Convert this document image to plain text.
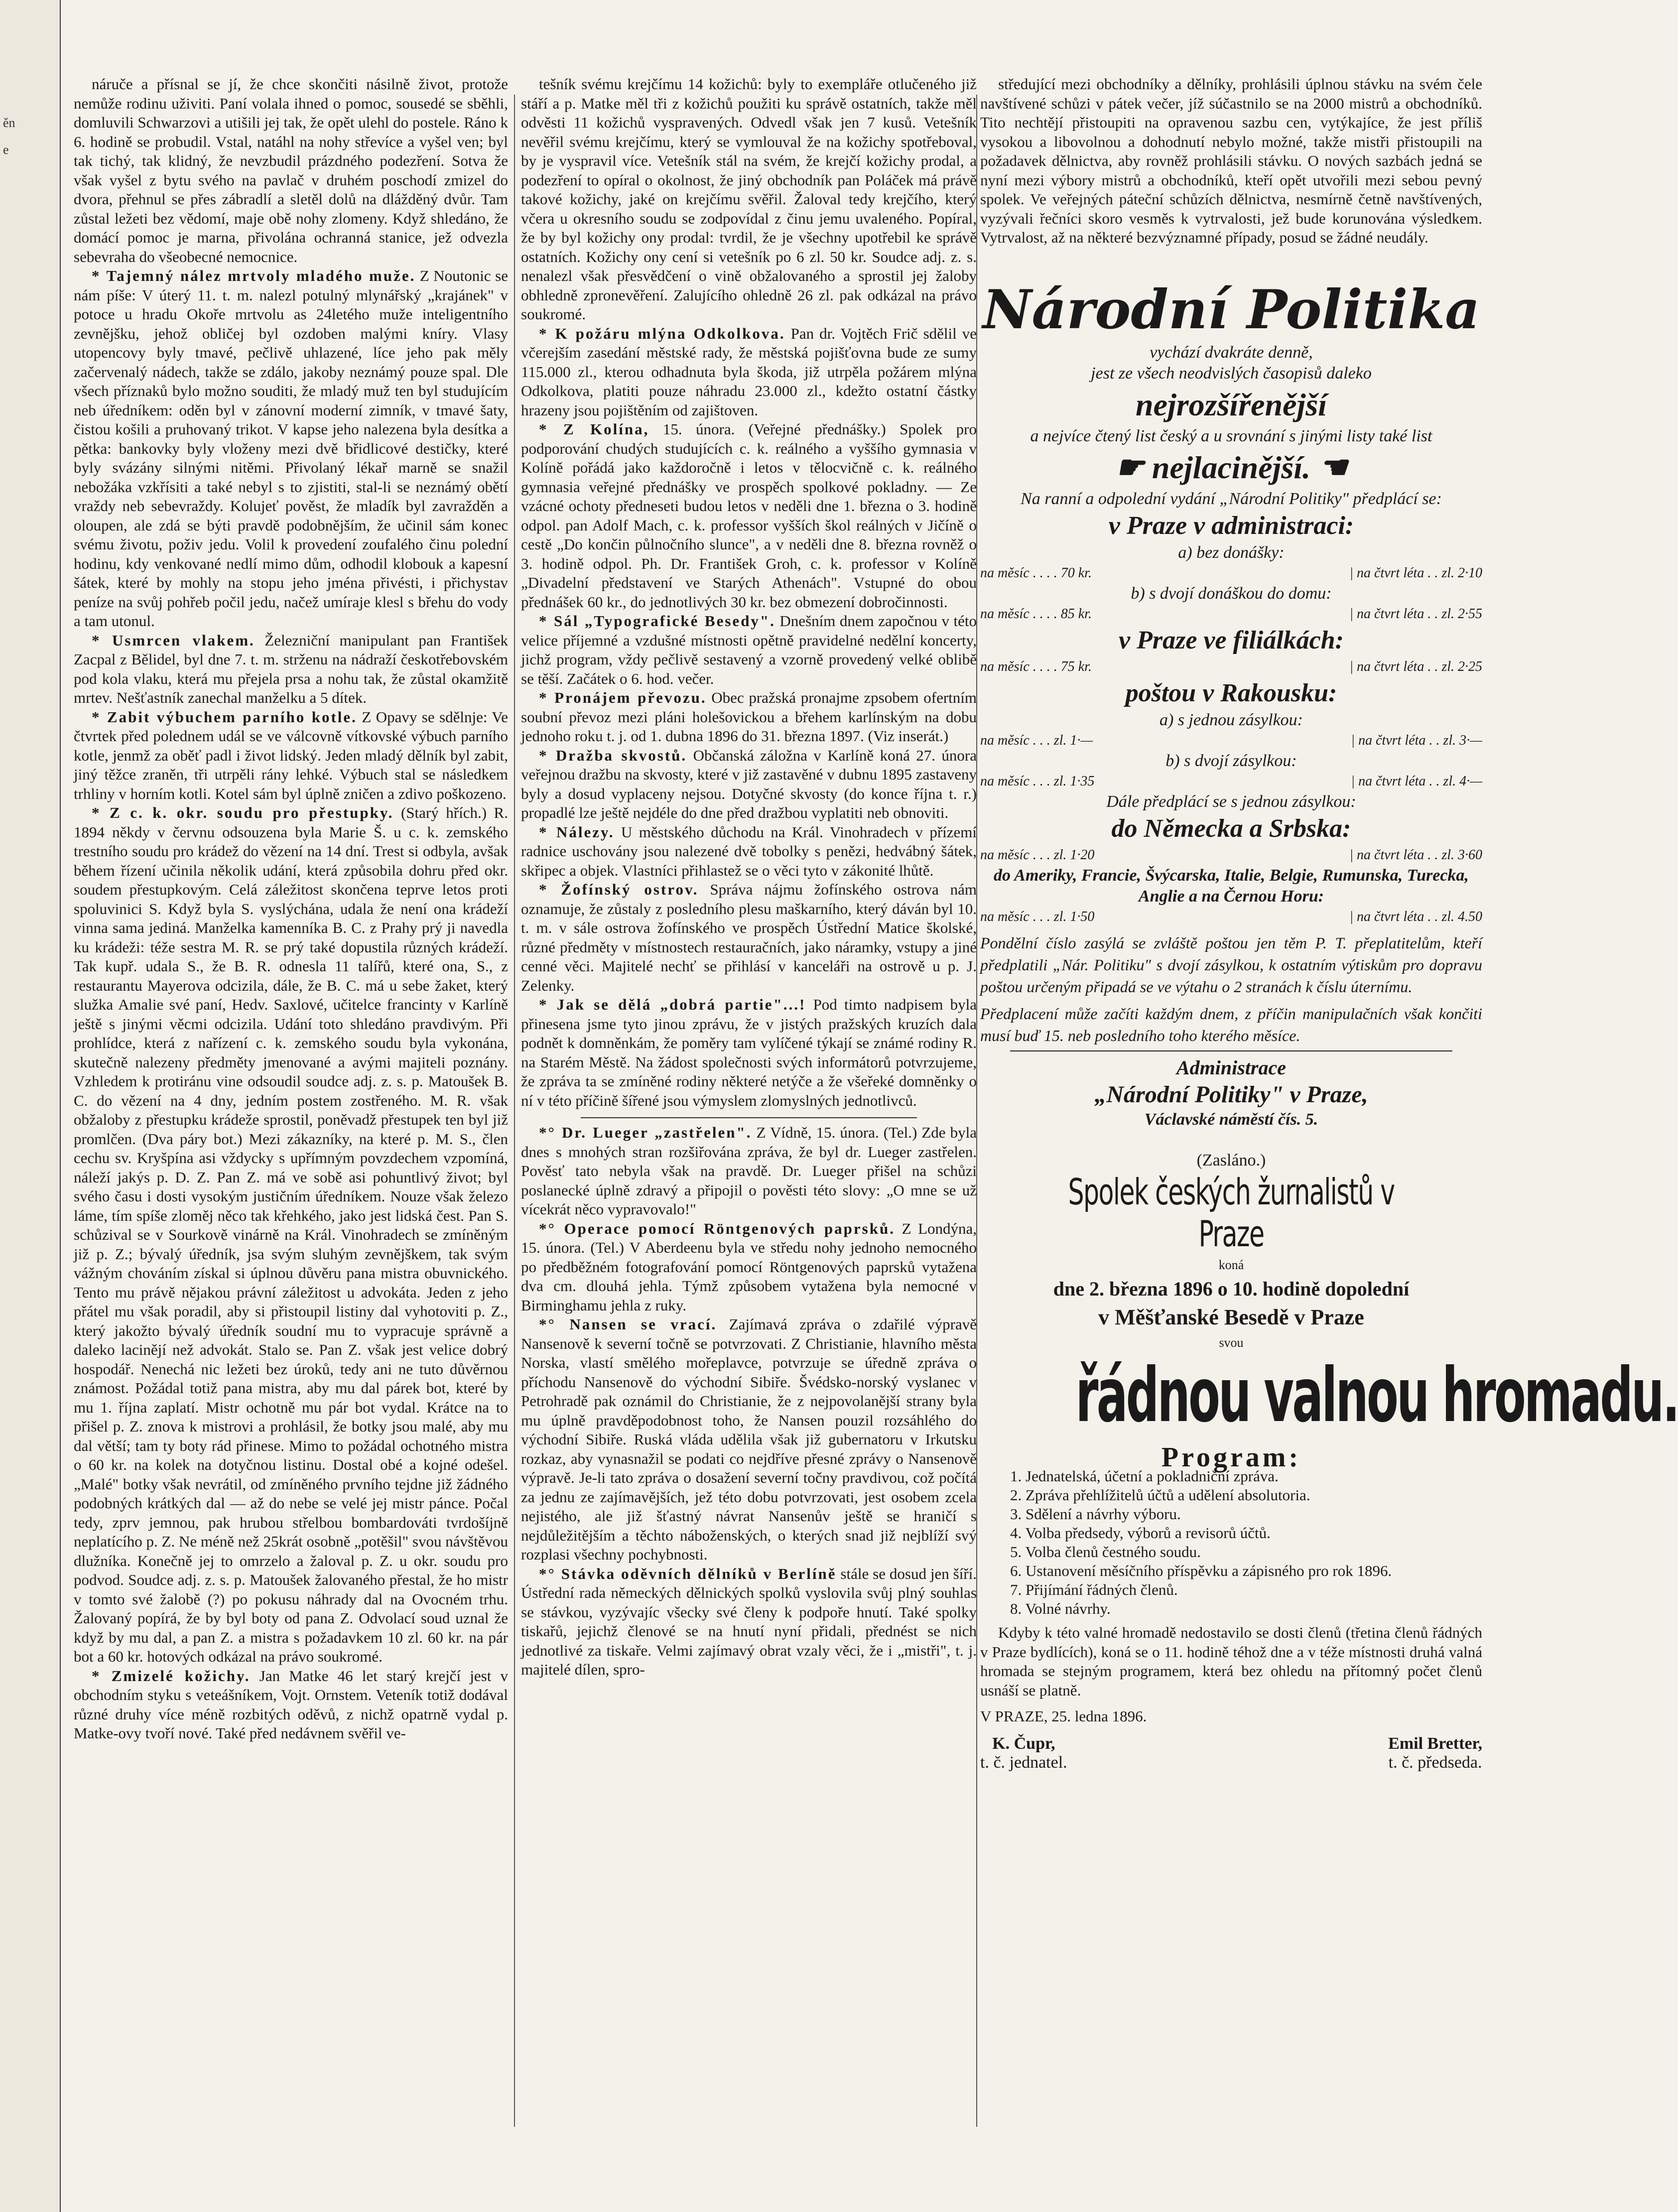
ěn
e

náruče a přísnal se jí, že chce skončiti násilně život, protože nemůže rodinu uživiti. Paní volala ihned o pomoc, sousedé se sběhli, domluvili Schwarzovi a utišili jej tak, že opět ulehl do postele. Ráno k 6. hodině se probudil. Vstal, natáhl na nohy střevíce a vyšel ven; byl tak tichý, tak klidný, že nevzbudil prázdného podezření. Sotva že však vyšel z bytu svého na pavlač v druhém poschodí zmizel do dvora, přehnul se přes zábradlí a sletěl dolů na dlážděný dvůr. Tam zůstal ležeti bez vědomí, maje obě nohy zlomeny. Když shledáno, že domácí pomoc je marna, přivolána ochranná stanice, jež odvezla sebevraha do všeobecné nemocnice.

* Tajemný nález mrtvoly mladého muže. Z Noutonic se nám píše: V úterý 11. t. m. nalezl potulný mlynářský „krajánek" v potoce u hradu Okoře mrtvolu as 24letého muže inteligentního zevnějšku, jehož obličej byl ozdoben malými kníry. Vlasy utopencovy byly tmavé, pečlivě uhlazené, líce jeho pak měly začervenalý nádech, takže se zdálo, jakoby neznámý pouze spal. Dle všech příznaků bylo možno souditi, že mladý muž ten byl studujícím neb úředníkem: oděn byl v zánovní moderní zimník, v tmavé šaty, čistou košili a pruhovaný trikot. V kapse jeho nalezena byla desítka a pětka: bankovky byly vloženy mezi dvě břidlicové destičky, které byly svázány silnými nitěmi. Přivolaný lékař marně se snažil nebožáka vzkřísiti a také nebyl s to zjistiti, stal-li se neznámý obětí vraždy neb sebevraždy. Kolujeť pověst, že mladík byl zavražděn a oloupen, ale zdá se býti pravdě podobnějším, že učinil sám konec svému životu, poživ jedu. Volil k provedení zoufalého činu polední hodinu, kdy venkované nedlí mimo dům, odhodil klobouk a kapesní šátek, které by mohly na stopu jeho jména přivésti, i přichystav peníze na svůj pohřeb počil jedu, načež umíraje klesl s břehu do vody a tam utonul.

* Usmrcen vlakem. Železniční manipulant pan František Zacpal z Bělidel, byl dne 7. t. m. strženu na nádraží českotřebovském pod kola vlaku, která mu přejela prsa a nohu tak, že zůstal okamžitě mrtev. Nešťastník zanechal manželku a 5 dítek.

* Zabit výbuchem parního kotle. Z Opavy se sdělnje: Ve čtvrtek před polednem udál se ve válcovně vítkovské výbuch parního kotle, jenmž za oběť padl i život lidský. Jeden mladý dělník byl zabit, jiný těžce zraněn, tři utrpěli rány lehké. Výbuch stal se následkem trhliny v horním kotli. Kotel sám byl úplně zničen a zdivo poškozeno.

* Z c. k. okr. soudu pro přestupky. (Starý hřích.) R. 1894 někdy v červnu odsouzena byla Marie Š. u c. k. zemského trestního soudu pro krádež do vězení na 14 dní. Trest si odbyla, avšak během řízení učinila několik udání, která způsobila dohru před okr. soudem přestupkovým. Celá záležitost skončena teprve letos proti spoluvinici S. Když byla S. vyslýchána, udala že není ona krádeží vinna sama jediná. Manželka kamenníka B. C. z Prahy prý ji navedla ku krádeži: téže sestra M. R. se prý také dopustila různých krádeží. Tak kupř. udala S., že B. R. odnesla 11 talířů, které ona, S., z restaurantu Mayerova odcizila, dále, že B. C. má u sebe žaket, který služka Amalie své paní, Hedv. Saxlové, učitelce francinty v Karlíně ještě s jinými věcmi odcizila. Udání toto shledáno pravdivým. Při prohlídce, která z nařízení c. k. zemského soudu byla vykonána, skutečně nalezeny předměty jmenované a avými majiteli poznány. Vzhledem k protiránu vine odsoudil soudce adj. z. s. p. Matoušek B. C. do vězení na 4 dny, jedním postem zostřeného. M. R. však obžaloby z přestupku krádeže sprostil, poněvadž přestupek ten byl již promlčen. (Dva páry bot.) Mezi zákazníky, na které p. M. S., člen cechu sv. Kryšpína asi vždycky s upřímným povzdechem vzpomíná, náleží jakýs p. D. Z. Pan Z. má ve sobě asi pohuntlivý život; byl svého času i dosti vysokým justičním úředníkem. Nouze však železo láme, tím spíše zloměj něco tak křehkého, jako jest lidská čest. Pan S. schůzival se v Sourkově vinárně na Král. Vinohradech se zmíněným již p. Z.; bývalý úředník, jsa svým sluhým zevnějškem, tak svým vážným chováním získal si úplnou důvěru pana mistra obuvnického. Tento mu právě nějakou právní záležitost u advokáta. Jeden z jeho přátel mu však poradil, aby si přistoupil listiny dal vyhotoviti p. Z., který jakožto bývalý úředník soudní mu to vypracuje správně a daleko lacinějí než advokát. Stalo se. Pan Z. však jest velice dobrý hospodář. Nenechá nic ležeti bez úroků, tedy ani ne tuto důvěrnou známost. Požádal totiž pana mistra, aby mu dal párek bot, které by mu 1. října zaplatí. Mistr ochotně mu pár bot vydal. Krátce na to přišel p. Z. znova k mistrovi a prohlásil, že botky jsou malé, aby mu dal větší; tam ty boty rád přinese. Mimo to požádal ochotného mistra o 60 kr. na kolek na dotyčnou listinu. Dostal obé a kojné odešel. „Malé" botky však nevrátil, od zmíněného prvního tejdne již žádného podobných krátkých dal — až do nebe se velé jej mistr pánce. Počal tedy, zprv jemnou, pak hrubou střelbou bombardováti tvrdošíjně neplatícího p. Z. Ne méně než 25krát osobně „potěšil" svou návštěvou dlužníka. Konečně jej to omrzelo a žaloval p. Z. u okr. soudu pro podvod. Soudce adj. z. s. p. Matoušek žalovaného přestal, že ho mistr v tomto své žalobě (?) po pokusu náhrady dal na Ovocném trhu. Žalovaný popírá, že by byl boty od pana Z. Odvolací soud uznal že když by mu dal, a pan Z. a mistra s požadavkem 10 zl. 60 kr. na pár bot a 60 kr. hotových odkázal na právo soukromé.

* Zmizelé kožichy. Jan Matke 46 let starý krejčí jest v obchodním styku s veteášníkem, Vojt. Ornstem. Veteník totiž dodával různé druhy více méně rozbitých oděvů, z nichž opatrně vydal p. Matke-ovy tvoří nové. Také před nedávnem svěřil ve-

tešník svému krejčímu 14 kožichů: byly to exempláře otlučeného již stáří a p. Matke měl tři z kožichů použiti ku správě ostatních, takže měl odvěsti 11 kožichů vyspravených. Odvedl však jen 7 kusů. Vetešník nevěřil svému krejčímu, který se vymlouval že na kožichy spotřeboval, by je vyspravil více. Vetešník stál na svém, že krejčí kožichy prodal, a podezření to opíral o okolnost, že jiný obchodník pan Poláček má právě takové kožichy, jaké on krejčímu svěřil. Žaloval tedy krejčího, který včera u okresního soudu se zodpovídal z činu jemu uvaleného. Popíral, že by byl kožichy ony prodal: tvrdil, že je všechny upotřebil ke správě ostatních. Kožichy ony cení si vetešník po 6 zl. 50 kr. Soudce adj. z. s. nenalezl však přesvědčení o vině obžalovaného a sprostil jej žaloby obhledně zpronevěření. Zalujícího ohledně 26 zl. pak odkázal na právo soukromé.

* K požáru mlýna Odkolkova. Pan dr. Vojtěch Frič sdělil ve včerejším zasedání městské rady, že městská pojišťovna bude ze sumy 115.000 zl., kterou odhadnuta byla škoda, již utrpěla požárem mlýna Odkolkova, platiti pouze náhradu 23.000 zl., kdežto ostatní částky hrazeny jsou pojištěním od zajištoven.

* Z Kolína, 15. února. (Veřejné přednášky.) Spolek pro podporování chudých studujících c. k. reálného a vyššího gymnasia v Kolíně pořádá jako každoročně i letos v tělocvičně c. k. reálného gymnasia veřejné přednášky ve prospěch spolkové pokladny. — Ze vzácné ochoty předneseti budou letos v neděli dne 1. března o 3. hodině odpol. pan Adolf Mach, c. k. professor vyšších škol reálných v Jičíně o cestě „Do končin půlnočního slunce", a v neděli dne 8. března rovněž o 3. hodině odpol. Ph. Dr. František Groh, c. k. professor v Kolíně „Divadelní představení ve Starých Athenách". Vstupné do obou přednášek 60 kr., do jednotlivých 30 kr. bez obmezení dobročinnosti.

* Sál „Typografické Besedy". Dnešním dnem započnou v této velice příjemné a vzdušné místnosti opětně pravidelné nedělní koncerty, jichž program, vždy pečlivě sestavený a vzorně provedený velké oblibě se těší. Začátek o 6. hod. večer.

* Pronájem převozu. Obec pražská pronajme zpsobem ofertním soubní převoz mezi pláni holešovickou a břehem karlínským na dobu jednoho roku t. j. od 1. dubna 1896 do 31. března 1897. (Viz inserát.)

* Dražba skvostů. Občanská záložna v Karlíně koná 27. února veřejnou dražbu na skvosty, které v již zastavěné v dubnu 1895 zastaveny byly a dosud vyplaceny nejsou. Dotyčné skvosty (do konce října t. r.) propadlé lze ještě nejdéle do dne před dražbou vyplatiti neb obnoviti.

* Nálezy. U městského důchodu na Král. Vinohradech v přízemí radnice uschovány jsou nalezené dvě tobolky s penězi, hedvábný šátek, skřipec a objek. Vlastníci přihlastež se o věci tyto v zákonité lhůtě.

* Žofínský ostrov. Správa nájmu žofínského ostrova nám oznamuje, že zůstaly z posledního plesu maškarního, který dáván byl 10. t. m. v sále ostrova žofínského ve prospěch Ústřední Matice školské, různé předměty v místnostech restauračních, jako náramky, vstupy a jiné cenné věci. Majitelé nechť se přihlásí v kanceláři na ostrově u p. J. Zelenky.

* Jak se dělá „dobrá partie"...! Pod timto nadpisem byla přinesena jsme tyto jinou zprávu, že v jistých pražských kruzích dala podnět k domněnkám, že poměry tam vylíčené týkají se známé rodiny R. na Starém Městě. Na žádost společnosti svých informátorů potvrzujeme, že zpráva ta se zmíněné rodiny některé netýče a že všeřeké domněnky o ní v této příčině šířené jsou výmyslem zlomyslných jednotlivců.

*° Dr. Lueger „zastřelen". Z Vídně, 15. února. (Tel.) Zde byla dnes s mnohých stran rozšiřována zpráva, že byl dr. Lueger zastřelen. Pověsť tato nebyla však na pravdě. Dr. Lueger přišel na schůzi poslanecké úplně zdravý a připojil o pověsti této slovy: „O mne se už vícekrát něco vypravovalo!"

*° Operace pomocí Röntgenových paprsků. Z Londýna, 15. února. (Tel.) V Aberdeenu byla ve středu nohy jednoho nemocného po předběžném fotografování pomocí Röntgenových paprsků vytažena dva cm. dlouhá jehla. Týmž způsobem vytažena byla nemocné v Birminghamu jehla z ruky.

*° Nansen se vrací. Zajímavá zpráva o zdařilé výpravě Nansenově k severní točně se potvrzovati. Z Christianie, hlavního města Norska, vlastí smělého mořeplavce, potvrzuje se úředně zpráva o příchodu Nansenově do východní Sibiře. Švédsko-norský vyslanec v Petrohradě pak oznámil do Christianie, že z nejpovolanější strany byla mu úplně pravděpodobnost toho, že Nansen pouzil rozsáhlého do východní Sibiře. Ruská vláda udělila však již gubernatoru v Irkutsku rozkaz, aby vynasnažil se podati co nejdříve přesné zprávy o Nansenově výpravě. Je-li tato zpráva o dosažení severní točny pravdivou, což počítá za jednu ze zajímavějších, jež této dobu potvrzovati, jest osobem zcela nejistého, ale již šťastný návrat Nansenův ještě se hraničí s nejdůležitějším a těchto náboženských, o kterých snad již nejblíží svý rozplasi všechny pochybnosti.

*° Stávka oděvních dělníků v Berlíně stále se dosud jen šíří. Ústřední rada německých dělnických spolků vyslovila svůj plný souhlas se stávkou, vyzývajíc všecky své členy k podpoře hnutí. Také spolky tiskařů, jejichž členové se na hnutí nyní přidali, přednést se nich jednotlivé za tiskaře. Velmi zajímavý obrat vzaly věci, že i „mistři", t. j. majitelé dílen, spro-

středující mezi obchodníky a dělníky, prohlásili úplnou stávku na svém čele navštívené schůzi v pátek večer, jíž súčastnilo se na 2000 mistrů a obchodníků. Tito nechtějí přistoupiti na opravenou sazbu cen, vytýkajíce, že jest příliš vysokou a libovolnou a dohodnutí nebylo možné, takže mistři přistoupili na požadavek dělnictva, aby rovněž prohlásili stávku. O nových sazbách jedná se nyní mezi výbory mistrů a obchodníků, kteří opět utvořili mezi sebou pevný spolek. Ve veřejných páteční schůzích dělnictva, nesmírně četně navštívených, vyzývali řečníci skoro vesměs k vytrvalosti, jež bude korunována výsledkem. Vytrvalost, až na některé bezvýznamné případy, posud se žádné neudály.

Národní Politika
vychází dvakráte denně,
jest ze všech neodvislých časopisů daleko
nejrozšířenější
a nejvíce čtený list český a u srovnání s jinými listy také list
☛ nejlacinější. ☚
Na ranní a odpolední vydání „Národní Politiky" předplácí se:
v Praze v administraci:
a) bez donášky:
na měsíc . . . . 70 kr.	| na čtvrt léta . . zl. 2·10
b) s dvojí donáškou do domu:
na měsíc . . . . 85 kr.	| na čtvrt léta . . zl. 2·55
v Praze ve filiálkách:
na měsíc . . . . 75 kr.	| na čtvrt léta . . zl. 2·25
poštou v Rakousku:
a) s jednou zásylkou:
na měsíc . . . zl. 1·—	| na čtvrt léta . . zl. 3·—
b) s dvojí zásylkou:
na měsíc . . . zl. 1·35	| na čtvrt léta . . zl. 4·—
Dále předplácí se s jednou zásylkou:
do Německa a Srbska:
na měsíc . . . zl. 1·20	| na čtvrt léta . . zl. 3·60
do Ameriky, Francie, Švýcarska, Italie, Belgie, Rumunska, Turecka, Anglie a na Černou Horu:
na měsíc . . . zl. 1·50	| na čtvrt léta . . zl. 4.50
Pondělní číslo zasýlá se zvláště poštou jen těm P. T. přeplatitelům, kteří předplatili „Nár. Politiku" s dvojí zásylkou, k ostatním výtiskům pro dopravu poštou určeným připadá se ve výtahu o 2 stranách k číslu úternímu.
Předplacení může začíti každým dnem, z příčin manipulačních však končiti musí buď 15. neb posledního toho kterého měsíce.
Administrace
„Národní Politiky" v Praze,
Václavské náměstí čís. 5.
(Zasláno.)
Spolek českých žurnalistů v Praze
koná
dne 2. března 1896 o 10. hodině dopolední
v Měšťanské Besedě v Praze
svou
řádnou valnou hromadu.
Program:
1. Jednatelská, účetní a pokladniční zpráva.
2. Zpráva přehlížitelů účtů a udělení absolutoria.
3. Sdělení a návrhy výboru.
4. Volba předsedy, výborů a revisorů účtů.
5. Volba členů čestného soudu.
6. Ustanovení měsíčního příspěvku a zápisného pro rok 1896.
7. Přijímání řádných členů.
8. Volné návrhy.

Kdyby k této valné hromadě nedostavilo se dosti členů (třetina členů řádných v Praze bydlících), koná se o 11. hodině téhož dne a v téže místnosti druhá valná hromada se stejným programem, která bez ohledu na přítomný počet členů usnáší se platně.

V PRAZE, 25. ledna 1896.
K. Čupr,
t. č. jednatel.
Emil Bretter,
t. č. předseda.
